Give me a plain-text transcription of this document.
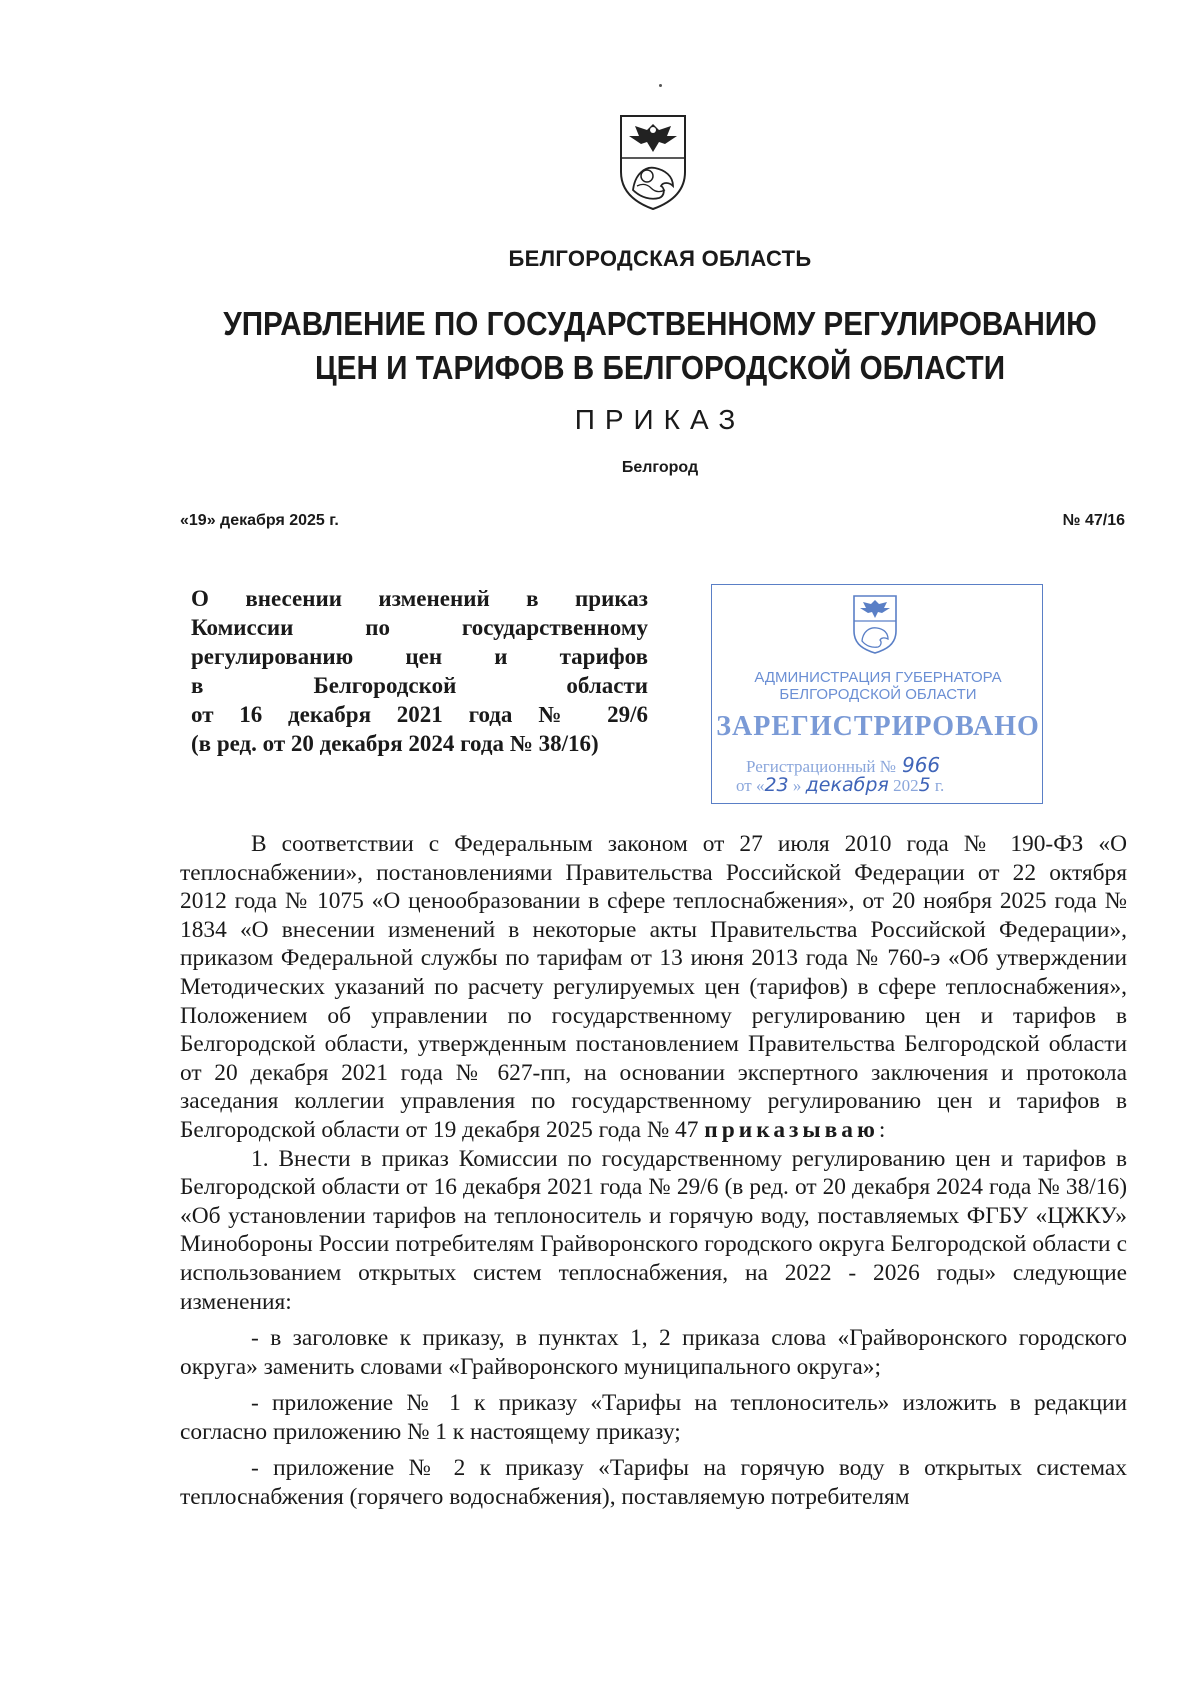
БЕЛГОРОДСКАЯ ОБЛАСТЬ
УПРАВЛЕНИЕ ПО ГОСУДАРСТВЕННОМУ РЕГУЛИРОВАНИЮ
ЦЕН И ТАРИФОВ В БЕЛГОРОДСКОЙ ОБЛАСТИ
ПРИКАЗ
Белгород
«19» декабря 2025 г.	№ 47/16
О внесении изменений в приказ
Комиссии по государственному
регулированию цен и тарифов
в Белгородской области
от 16 декабря 2021 года № 29/6
(в ред. от 20 декабря 2024 года № 38/16)
АДМИНИСТРАЦИЯ ГУБЕРНАТОРА
БЕЛГОРОДСКОЙ ОБЛАСТИ
ЗАРЕГИСТРИРОВАНО
Регистрационный № 966
от «23 » декабря 2025 г.

В соответствии с Федеральным законом от 27 июля 2010 года № 190-ФЗ «О теплоснабжении», постановлениями Правительства Российской Федерации от 22 октября 2012 года № 1075 «О ценообразовании в сфере теплоснабжения», от 20 ноября 2025 года № 1834 «О внесении изменений в некоторые акты Правительства Российской Федерации», приказом Федеральной службы по тарифам от 13 июня 2013 года № 760-э «Об утверждении Методических указаний по расчету регулируемых цен (тарифов) в сфере теплоснабжения», Положением об управлении по государственному регулированию цен и тарифов в Белгородской области, утвержденным постановлением Правительства Белгородской области от 20 декабря 2021 года № 627-пп, на основании экспертного заключения и протокола заседания коллегии управления по государственному регулированию цен и тарифов в Белгородской области от 19 декабря 2025 года № 47 приказываю:

1. Внести в приказ Комиссии по государственному регулированию цен и тарифов в Белгородской области от 16 декабря 2021 года № 29/6 (в ред. от 20 декабря 2024 года № 38/16) «Об установлении тарифов на теплоноситель и горячую воду, поставляемых ФГБУ «ЦЖКУ» Минобороны России потребителям Грайворонского городского округа Белгородской области с использованием открытых систем теплоснабжения, на 2022 - 2026 годы» следующие изменения:

- в заголовке к приказу, в пунктах 1, 2 приказа слова «Грайворонского городского округа» заменить словами «Грайворонского муниципального округа»;

- приложение № 1 к приказу «Тарифы на теплоноситель» изложить в редакции согласно приложению № 1 к настоящему приказу;

- приложение № 2 к приказу «Тарифы на горячую воду в открытых системах теплоснабжения (горячего водоснабжения), поставляемую потребителям
